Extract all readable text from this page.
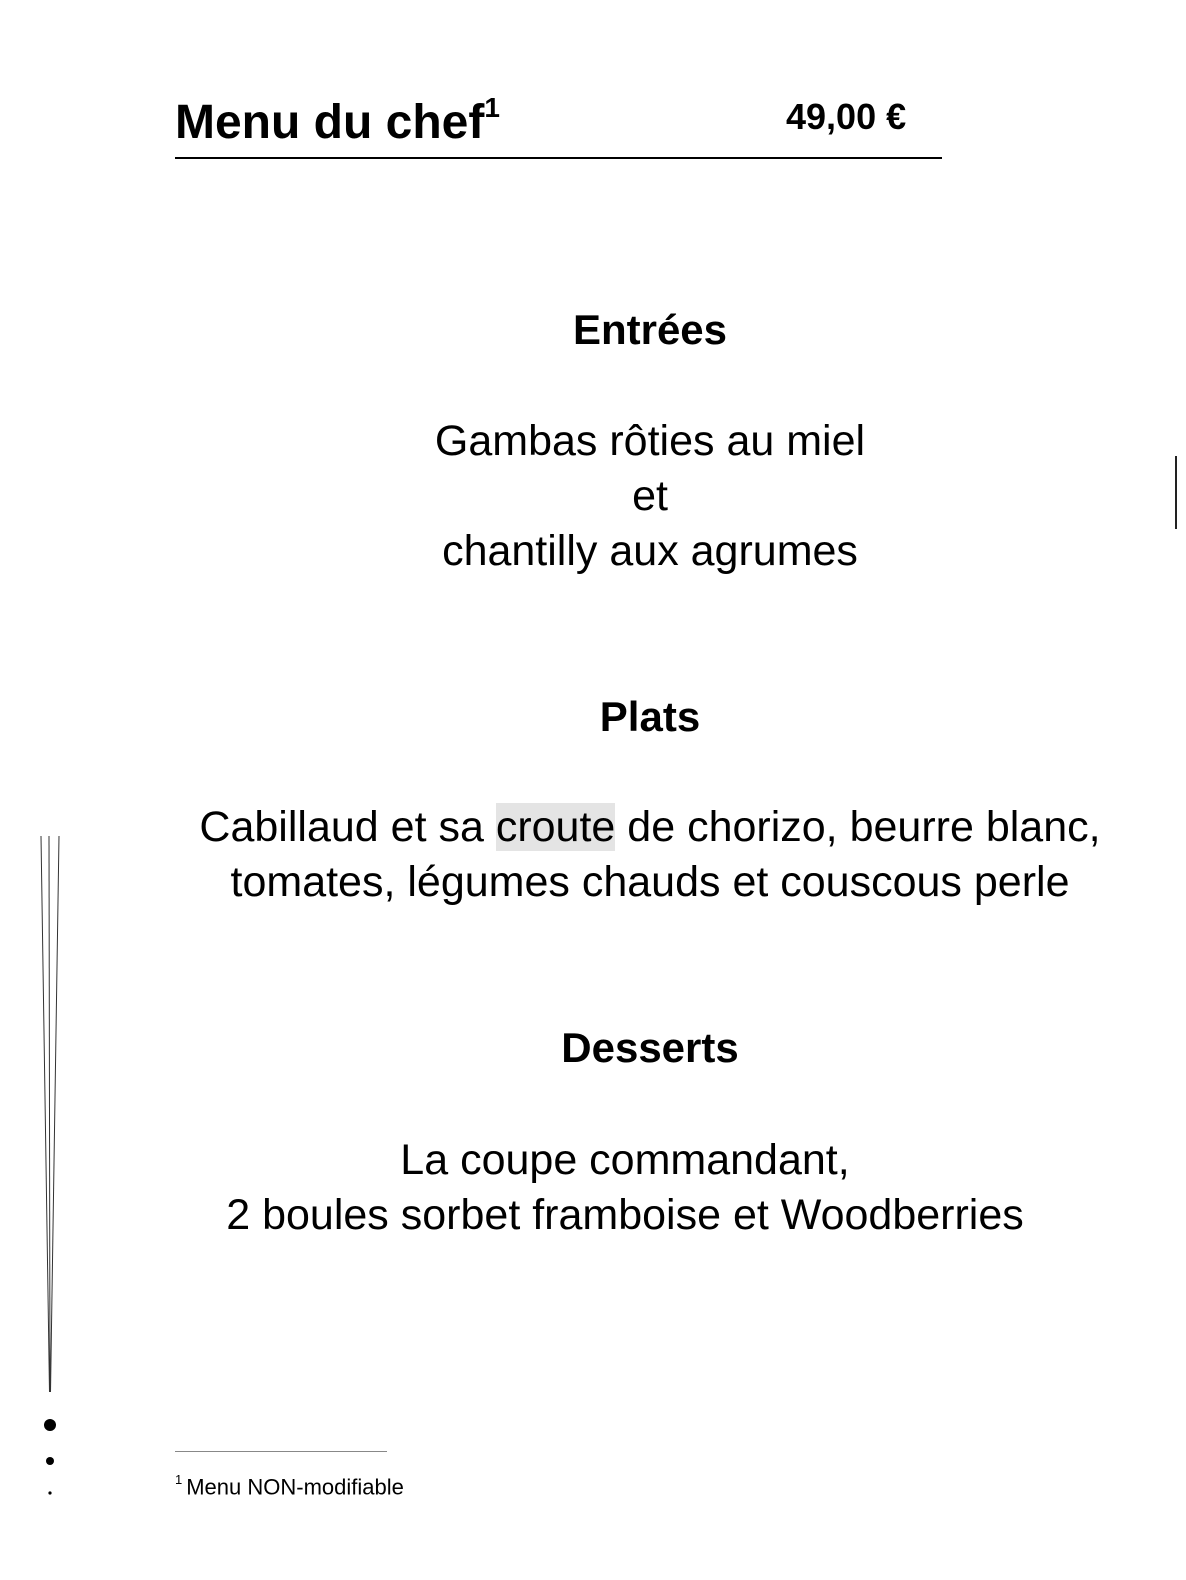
Menu du chef$^1$	49,00 €
Entrées
Gambas rôties au miel
et
chantilly aux agrumes
Plats
Cabillaud et sa croute de chorizo, beurre blanc, tomates, légumes chauds et couscous perle
Desserts
La coupe commandant,
2 boules sorbet framboise et Woodberries
$^1$ Menu NON-modifiable
